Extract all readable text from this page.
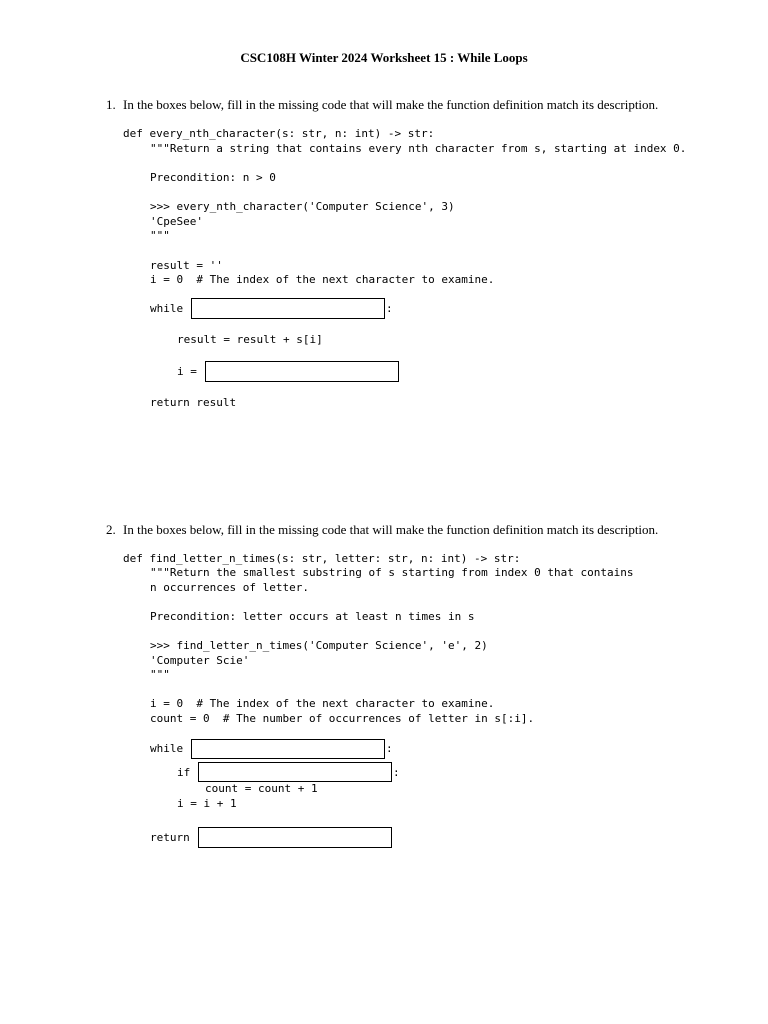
CSC108H Winter 2024 Worksheet 15 : While Loops
1. In the boxes below, fill in the missing code that will make the function definition match its description.
def every_nth_character(s: str, n: int) -> str:
"""Return a string that contains every nth character from s, starting at index 0.
Precondition: n > 0
>>> every_nth_character('Computer Science', 3)
'CpeSee'
"""
result = ''
i = 0  # The index of the next character to examine.
while	:
result = result + s[i]
i =
return result
2. In the boxes below, fill in the missing code that will make the function definition match its description.
def find_letter_n_times(s: str, letter: str, n: int) -> str:
"""Return the smallest substring of s starting from index 0 that contains
n occurrences of letter.
Precondition: letter occurs at least n times in s
>>> find_letter_n_times('Computer Science', 'e', 2)
'Computer Scie'
"""
i = 0  # The index of the next character to examine.
count = 0  # The number of occurrences of letter in s[:i].
while	:
if	:
count = count + 1
i = i + 1
return
